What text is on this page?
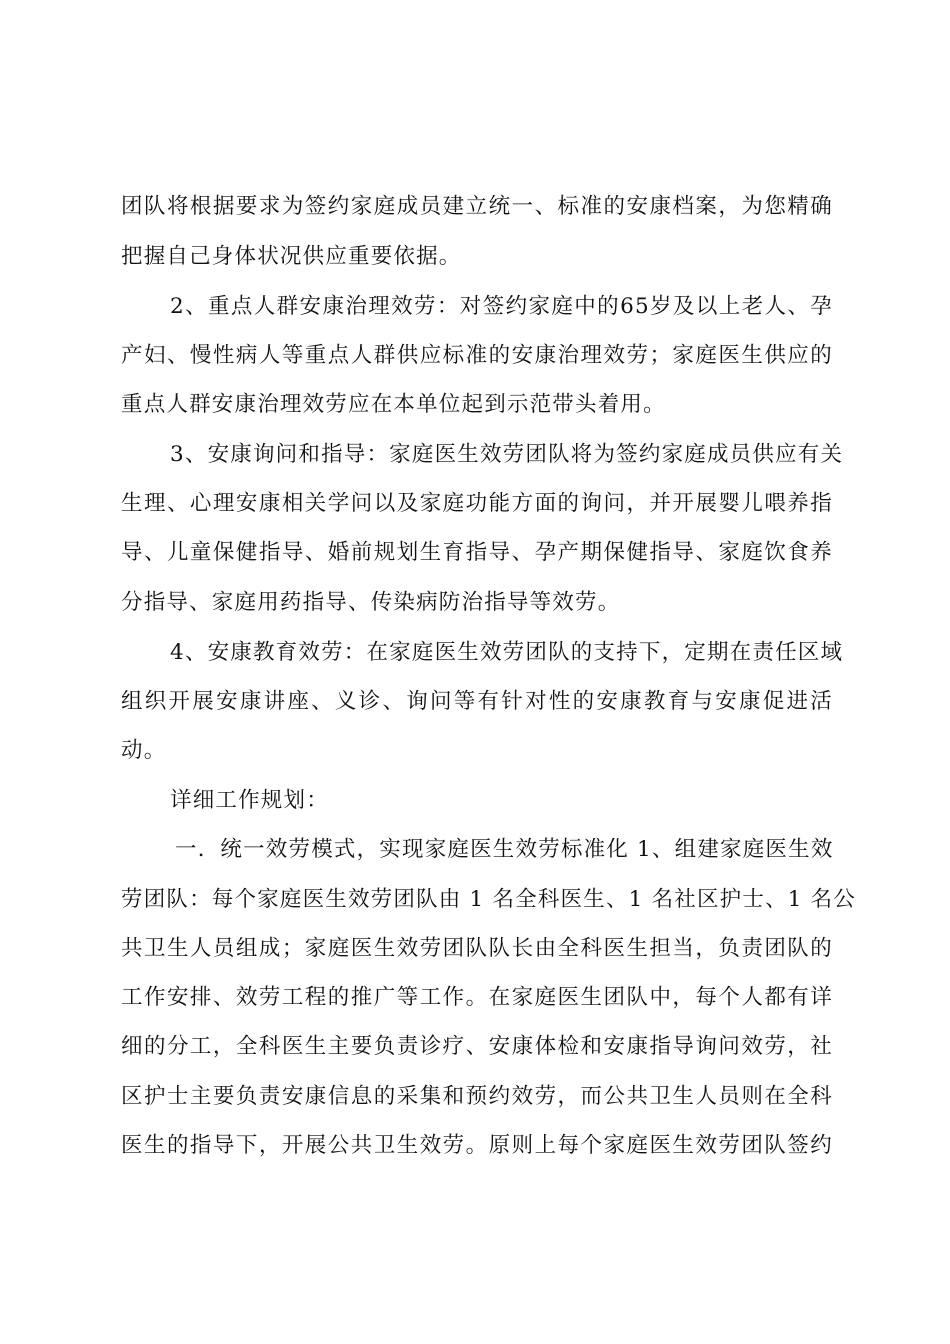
团队将根据要求为签约家庭成员建立统一、标准的安康档案，为您精确
把握自己身体状况供应重要依据。
2、重点人群安康治理效劳：对签约家庭中的65岁及以上老人、孕
产妇、慢性病人等重点人群供应标准的安康治理效劳；家庭医生供应的
重点人群安康治理效劳应在本单位起到示范带头着用。
3、安康询问和指导：家庭医生效劳团队将为签约家庭成员供应有关
生理、心理安康相关学问以及家庭功能方面的询问，并开展婴儿喂养指
导、儿童保健指导、婚前规划生育指导、孕产期保健指导、家庭饮食养
分指导、家庭用药指导、传染病防治指导等效劳。
4、安康教育效劳：在家庭医生效劳团队的支持下，定期在责任区域
组织开展安康讲座、义诊、询问等有针对性的安康教育与安康促进活
动。
详细工作规划：
一．统一效劳模式，实现家庭医生效劳标准化 1、组建家庭医生效
劳团队：每个家庭医生效劳团队由 1 名全科医生、1 名社区护士、1 名公
共卫生人员组成；家庭医生效劳团队队长由全科医生担当，负责团队的
工作安排、效劳工程的推广等工作。在家庭医生团队中，每个人都有详
细的分工，全科医生主要负责诊疗、安康体检和安康指导询问效劳，社
区护士主要负责安康信息的采集和预约效劳，而公共卫生人员则在全科
医生的指导下，开展公共卫生效劳。原则上每个家庭医生效劳团队签约
